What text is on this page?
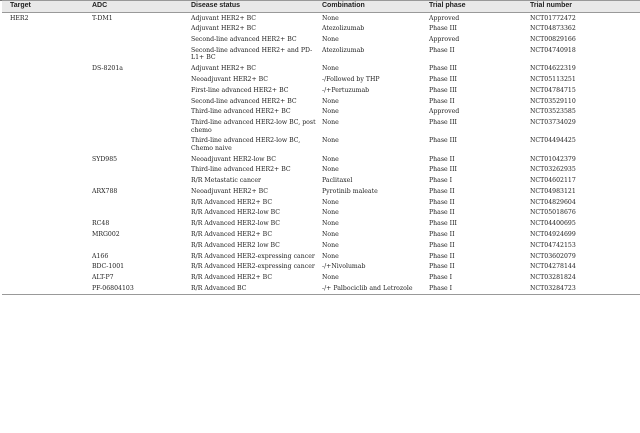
Target	ADC	Disease status	Combination	Trial phase	Trial number
HER2	T-DM1	Adjuvant HER2+ BC	None	Approved	NCT01772472
		Adjuvant HER2+ BC	Atezolizumab	Phase III	NCT04873362
		Second-line advanced HER2+ BC	None	Approved	NCT00829166
		Second-line advanced HER2+ and PD-L1+ BC	Atezolizumab	Phase II	NCT04740918
	DS-8201a	Adjuvant HER2+ BC	None	Phase III	NCT04622319
		Neoadjuvant HER2+ BC	-/Followed by THP	Phase III	NCT05113251
		First-line advanced HER2+ BC	-/+Pertuzumab	Phase III	NCT04784715
		Second-line advanced HER2+ BC	None	Phase II	NCT03529110
		Third-line advanced HER2+ BC	None	Approved	NCT03523585
		Third-line advanced HER2-low BC, post chemo	None	Phase III	NCT03734029
		Third-line advanced HER2-low BC, Chemo naive	None	Phase III	NCT04494425
	SYD985	Neoadjuvant HER2-low BC	None	Phase II	NCT01042379
		Third-line advanced HER2+ BC	None	Phase III	NCT03262935
		R/R Metastatic cancer	Paclitaxel	Phase I	NCT04602117
	ARX788	Neoadjuvant HER2+ BC	Pyrotinib maleate	Phase II	NCT04983121
		R/R Advanced HER2+ BC	None	Phase II	NCT04829604
		R/R Advanced HER2-low BC	None	Phase II	NCT05018676
	RC48	R/R Advanced HER2-low BC	None	Phase III	NCT04400695
	MRG002	R/R Advanced HER2+ BC	None	Phase II	NCT04924699
		R/R Advanced HER2 low BC	None	Phase II	NCT04742153
	A166	R/R Advanced HER2-expressing cancer	None	Phase II	NCT03602079
	BDC-1001	R/R Advanced HER2-expressing cancer	-/+Nivolumab	Phase II	NCT04278144
	ALT-P7	R/R Advanced HER2+ BC	None	Phase I	NCT03281824
	PF-06804103	R/R Advanced BC	-/+ Palbociclib and Letrozole	Phase I	NCT03284723
